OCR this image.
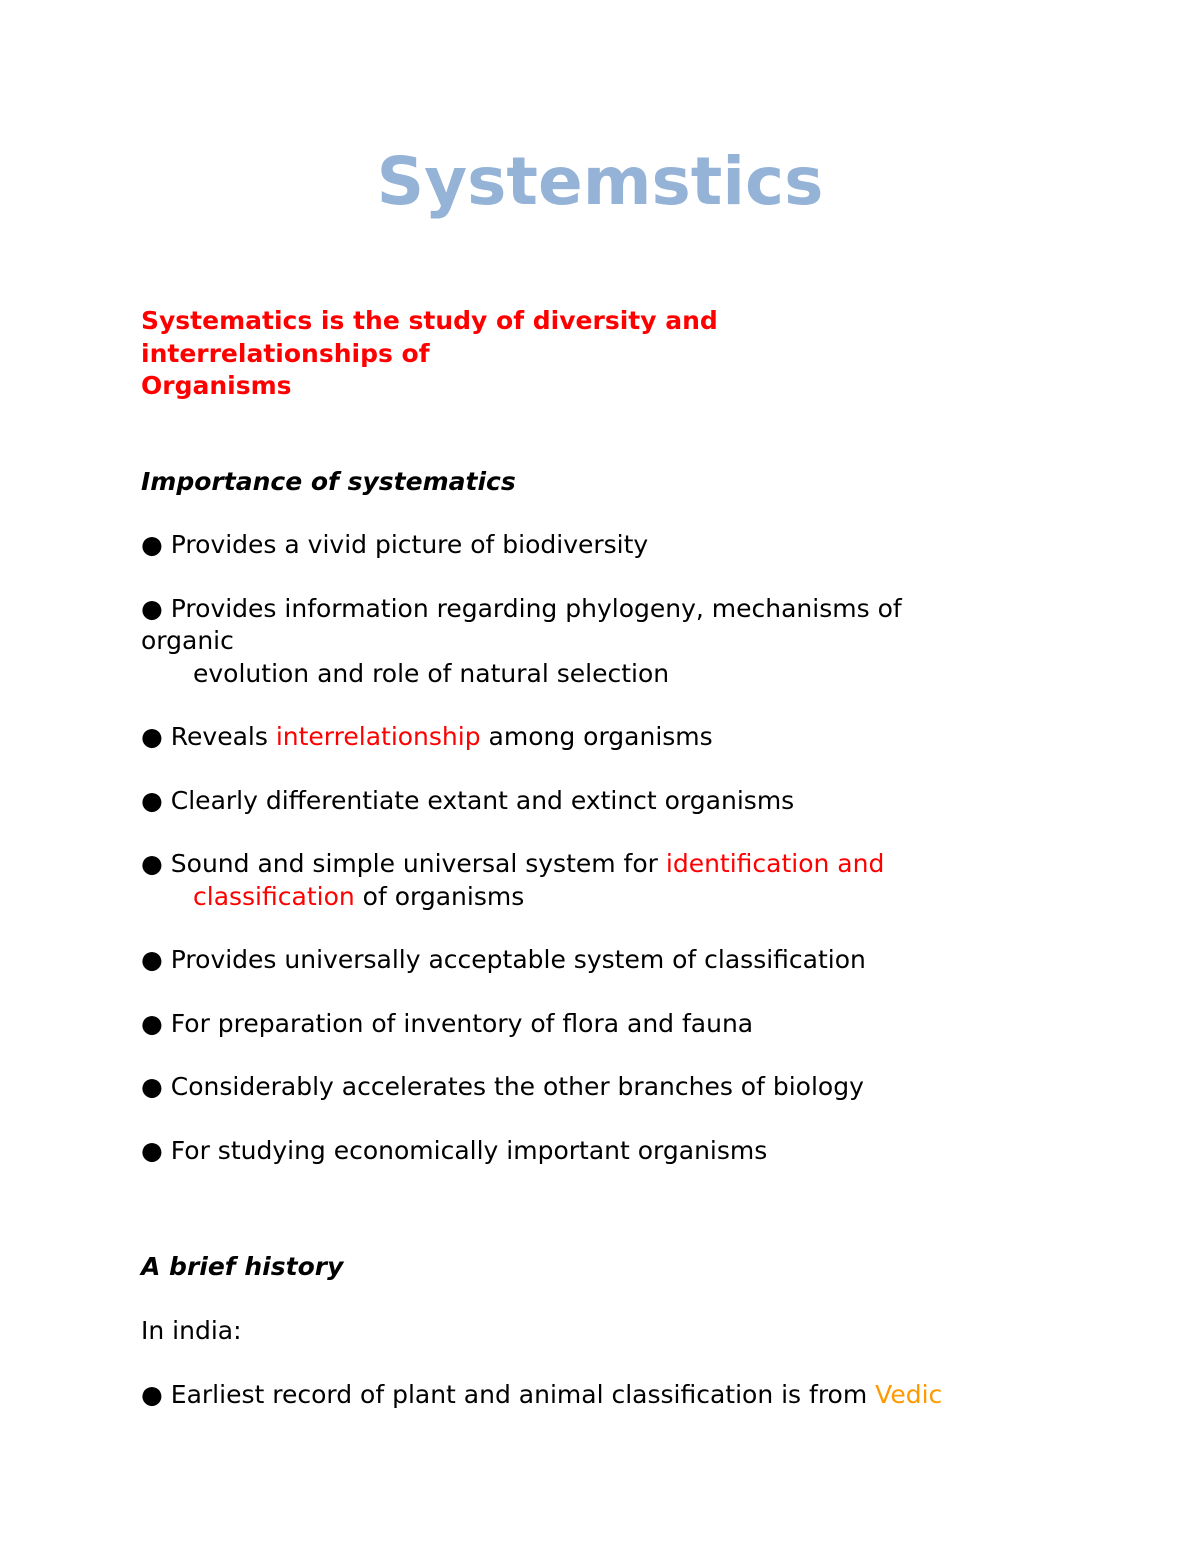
Systemstics
Systematics is the study of diversity and
interrelationships of
Organisms
Importance of systematics
● Provides a vivid picture of biodiversity
● Provides information regarding phylogeny, mechanisms of
organic
evolution and role of natural selection
● Reveals interrelationship among organisms
● Clearly differentiate extant and extinct organisms
● Sound and simple universal system for identification and
classification of organisms
● Provides universally acceptable system of classification
● For preparation of inventory of flora and fauna
● Considerably accelerates the other branches of biology
● For studying economically important organisms
A brief history
In india:
● Earliest record of plant and animal classification is from Vedic
